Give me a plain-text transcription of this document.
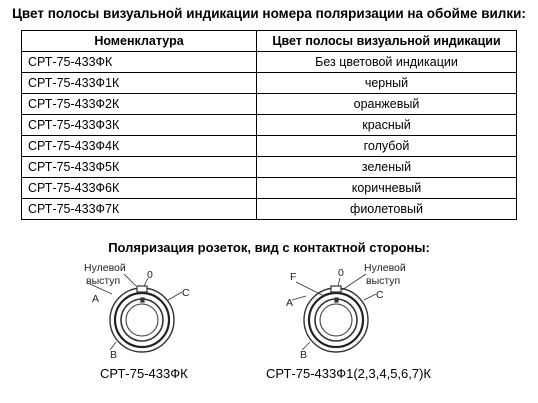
Цвет полосы визуальной индикации номера поляризации на обойме вилки:
Номенклатура	Цвет полосы визуальной индикации
СРТ-75-433ФК	Без цветовой индикации
СРТ-75-433Ф1К	черный
СРТ-75-433Ф2К	оранжевый
СРТ-75-433Ф3К	красный
СРТ-75-433Ф4К	голубой
СРТ-75-433Ф5К	зеленый
СРТ-75-433Ф6К	коричневый
СРТ-75-433Ф7К	фиолетовый
Поляризация розеток, вид с контактной стороны:
Нулевой
выступ	0
А	С
В
F	0 Нулевой
выступ
А
С
В
СРТ-75-433ФК	СРТ-75-433Ф1(2,3,4,5,6,7)К
